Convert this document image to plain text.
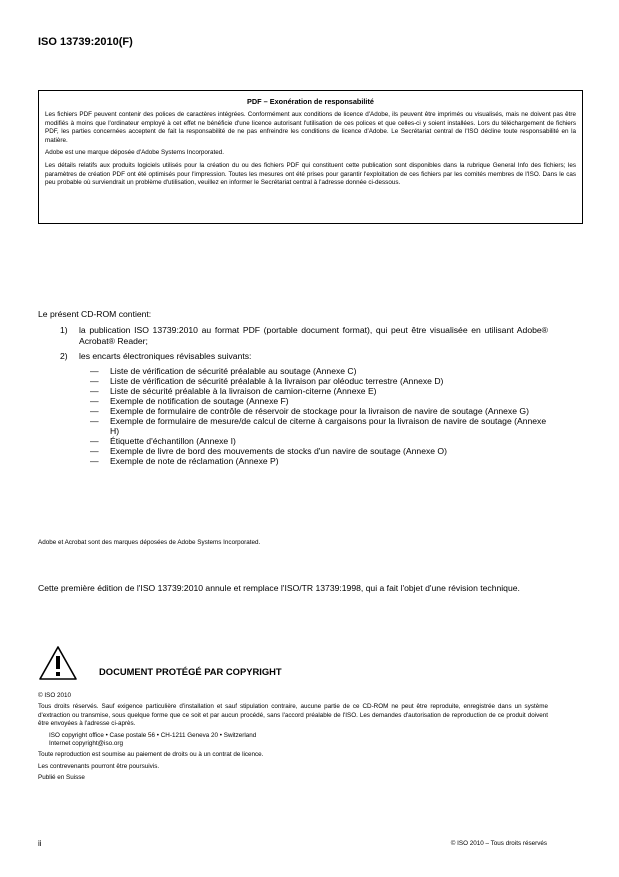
ISO 13739:2010(F)
PDF – Exonération de responsabilité

Les fichiers PDF peuvent contenir des polices de caractères intégrées. Conformément aux conditions de licence d'Adobe, ils peuvent être imprimés ou visualisés, mais ne doivent pas être modifiés à moins que l'ordinateur employé à cet effet ne bénéficie d'une licence autorisant l'utilisation de ces polices et que celles-ci y soient installées. Lors du téléchargement de fichiers PDF, les parties concernées acceptent de fait la responsabilité de ne pas enfreindre les conditions de licence d'Adobe. Le Secrétariat central de l'ISO décline toute responsabilité en la matière.

Adobe est une marque déposée d'Adobe Systems Incorporated.

Les détails relatifs aux produits logiciels utilisés pour la création du ou des fichiers PDF qui constituent cette publication sont disponibles dans la rubrique General Info des fichiers; les paramètres de création PDF ont été optimisés pour l'impression. Toutes les mesures ont été prises pour garantir l'exploitation de ces fichiers par les comités membres de l'ISO. Dans le cas peu probable où surviendrait un problème d'utilisation, veuillez en informer le Secrétariat central à l'adresse donnée ci-dessous.

Le présent CD-ROM contient:
1) la publication ISO 13739:2010 au format PDF (portable document format), qui peut être visualisée en utilisant Adobe® Acrobat® Reader;
2) les encarts électroniques révisables suivants:
— Liste de vérification de sécurité préalable au soutage (Annexe C)
— Liste de vérification de sécurité préalable à la livraison par oléoduc terrestre (Annexe D)
— Liste de sécurité préalable à la livraison de camion-citerne (Annexe E)
— Exemple de notification de soutage (Annexe F)
— Exemple de formulaire de contrôle de réservoir de stockage pour la livraison de navire de soutage (Annexe G)
— Exemple de formulaire de mesure/de calcul de citerne à cargaisons pour la livraison de navire de soutage (Annexe H)
— Étiquette d'échantillon (Annexe I)
— Exemple de livre de bord des mouvements de stocks d'un navire de soutage (Annexe O)
— Exemple de note de réclamation (Annexe P)
Adobe et Acrobat sont des marques déposées de Adobe Systems Incorporated.
Cette première édition de l'ISO 13739:2010 annule et remplace l'ISO/TR 13739:1998, qui a fait l'objet d'une révision technique.
DOCUMENT PROTÉGÉ PAR COPYRIGHT

© ISO 2010

Tous droits réservés. Sauf exigence particulière d'installation et sauf stipulation contraire, aucune partie de ce CD-ROM ne peut être reproduite, enregistrée dans un système d'extraction ou transmise, sous quelque forme que ce soit et par aucun procédé, sans l'accord préalable de l'ISO. Les demandes d'autorisation de reproduction de ce produit doivent être envoyées à l'adresse ci-après.

ISO copyright office • Case postale 56 • CH-1211 Geneva 20 • Switzerland
Internet copyright@iso.org

Toute reproduction est soumise au paiement de droits ou à un contrat de licence.

Les contrevenants pourront être poursuivis.

Publié en Suisse

ii	© ISO 2010 – Tous droits réservés
